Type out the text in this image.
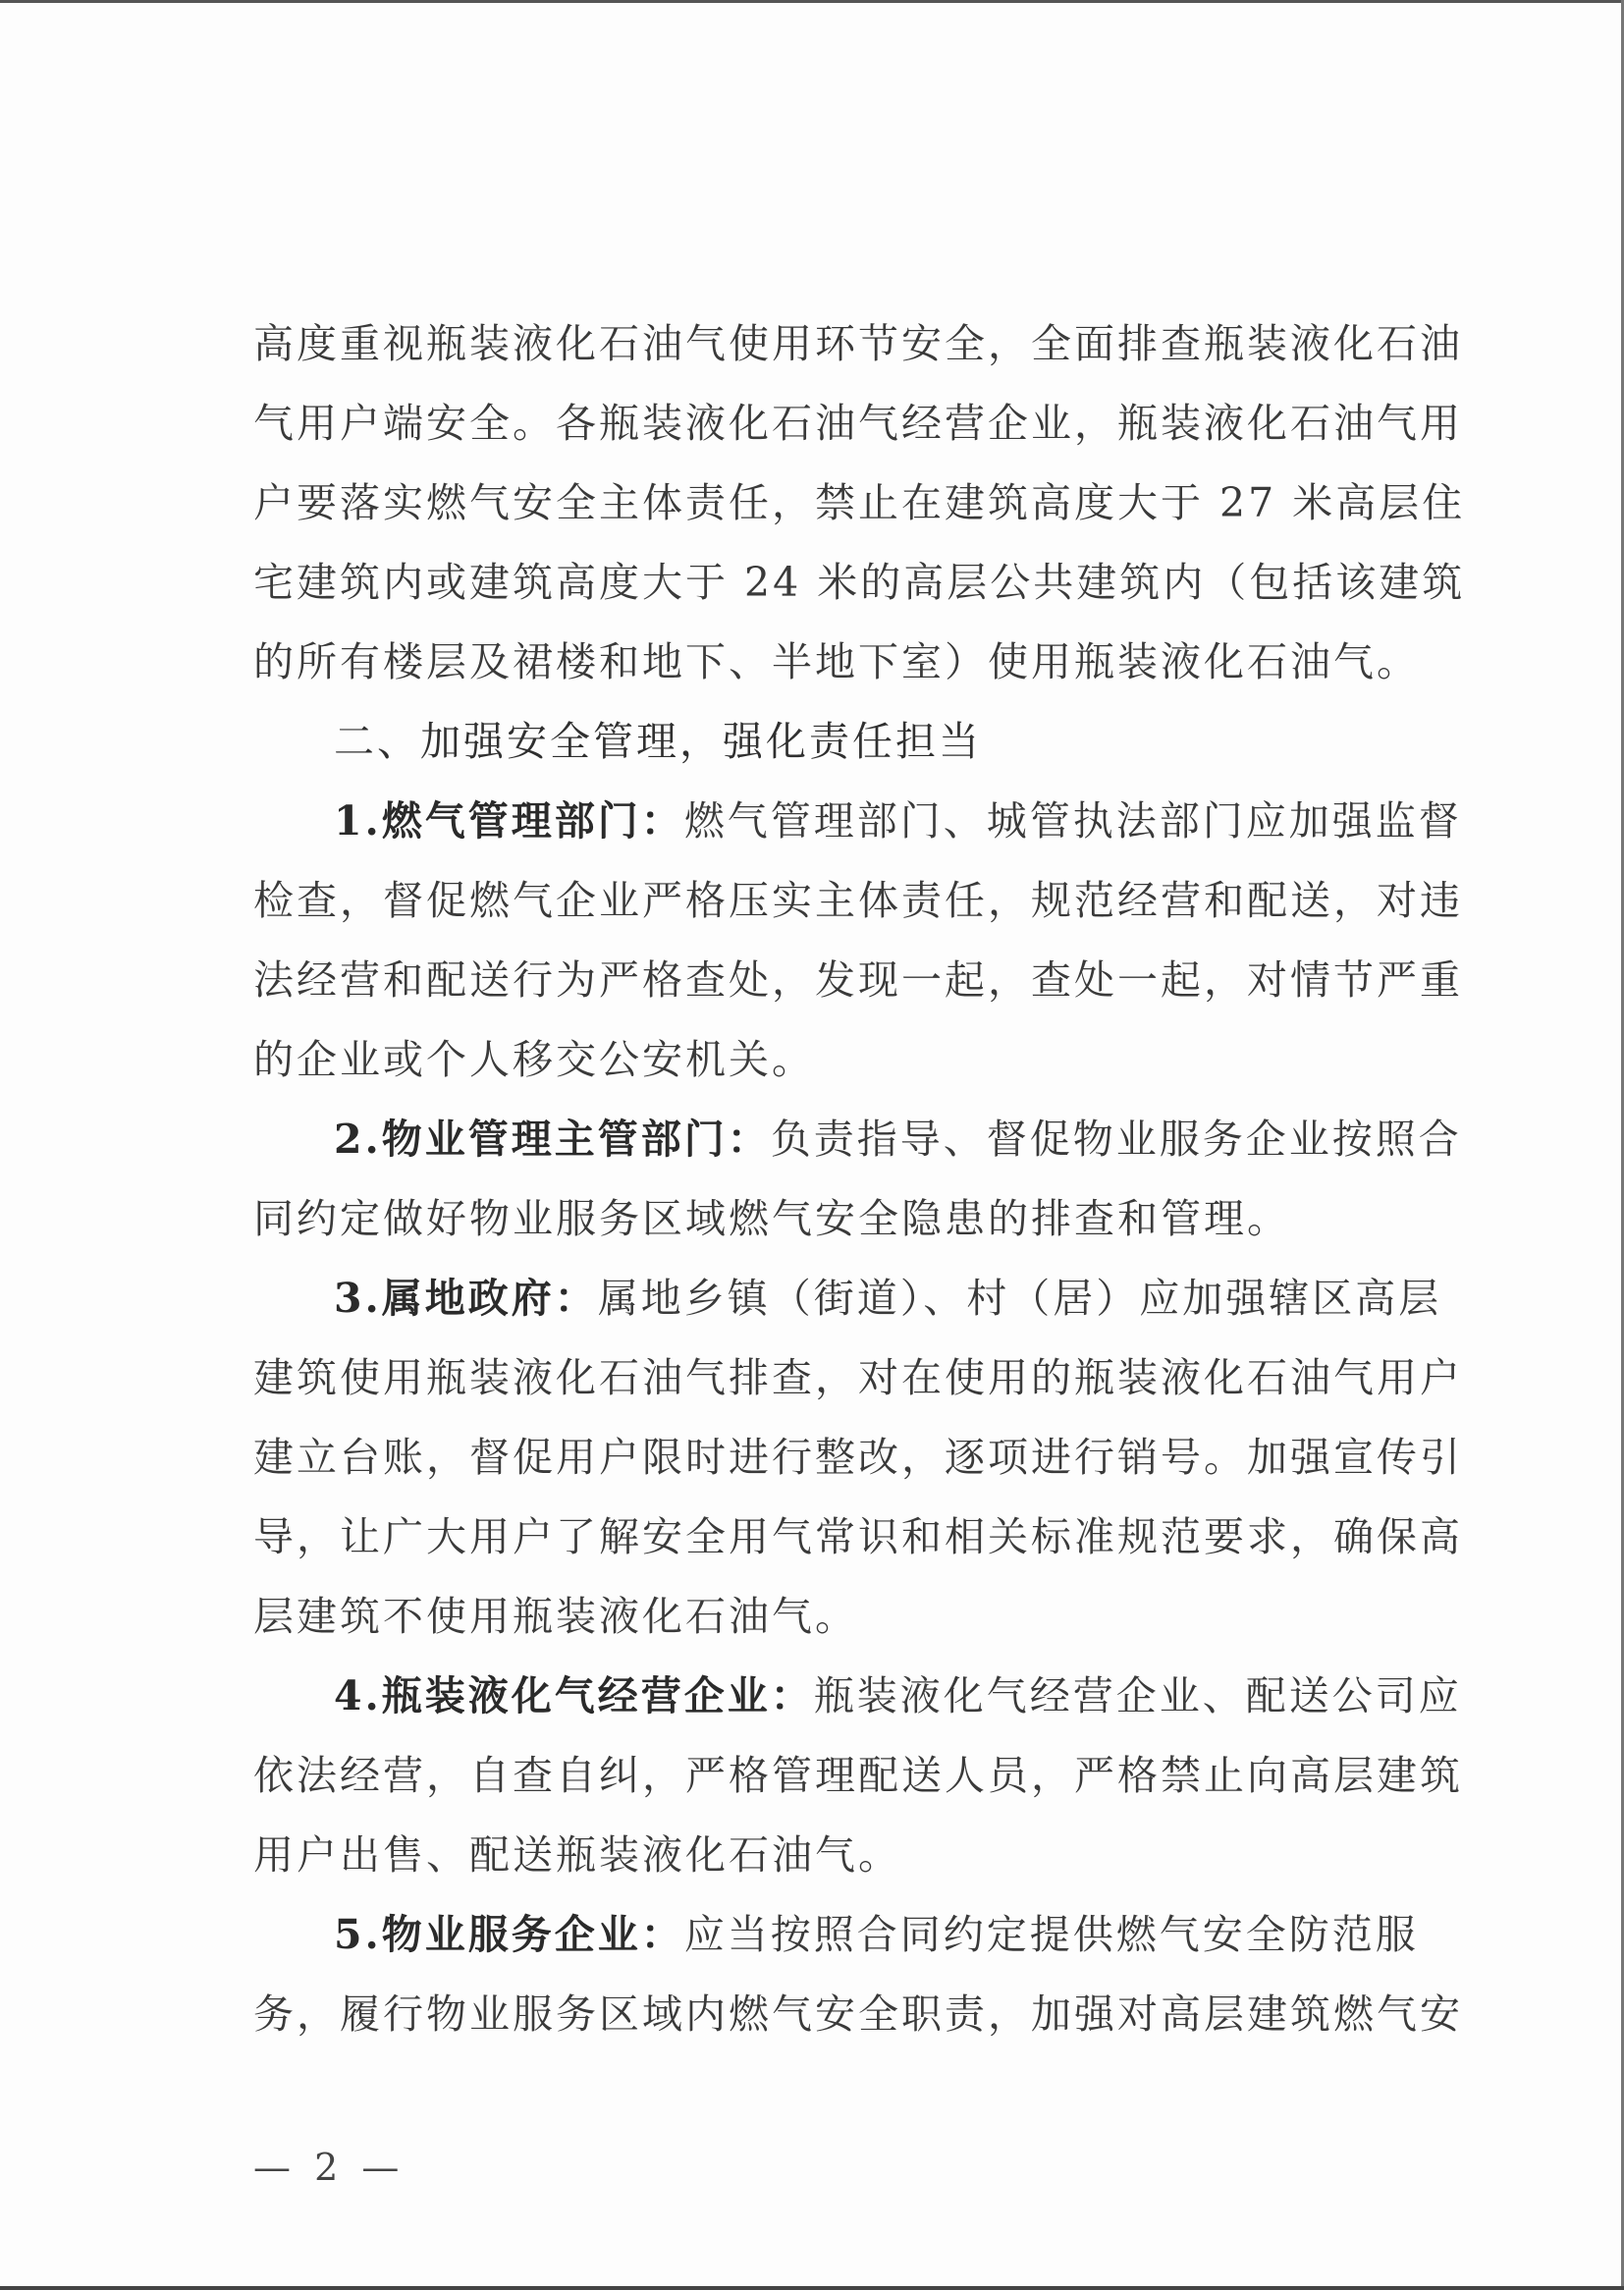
高度重视瓶装液化石油气使用环节安全，全面排查瓶装液化石油
气用户端安全。各瓶装液化石油气经营企业，瓶装液化石油气用
户要落实燃气安全主体责任，禁止在建筑高度大于 27 米高层住
宅建筑内或建筑高度大于 24 米的高层公共建筑内（包括该建筑
的所有楼层及裙楼和地下、半地下室）使用瓶装液化石油气。
二、加强安全管理，强化责任担当
1.燃气管理部门：燃气管理部门、城管执法部门应加强监督
检查，督促燃气企业严格压实主体责任，规范经营和配送，对违
法经营和配送行为严格查处，发现一起，查处一起，对情节严重
的企业或个人移交公安机关。
2.物业管理主管部门：负责指导、督促物业服务企业按照合
同约定做好物业服务区域燃气安全隐患的排查和管理。
3.属地政府：属地乡镇（街道）、村（居）应加强辖区高层
建筑使用瓶装液化石油气排查，对在使用的瓶装液化石油气用户
建立台账，督促用户限时进行整改，逐项进行销号。加强宣传引
导，让广大用户了解安全用气常识和相关标准规范要求，确保高
层建筑不使用瓶装液化石油气。
4.瓶装液化气经营企业：瓶装液化气经营企业、配送公司应
依法经营，自查自纠，严格管理配送人员，严格禁止向高层建筑
用户出售、配送瓶装液化石油气。
5.物业服务企业：应当按照合同约定提供燃气安全防范服
务，履行物业服务区域内燃气安全职责，加强对高层建筑燃气安
— 2 —
